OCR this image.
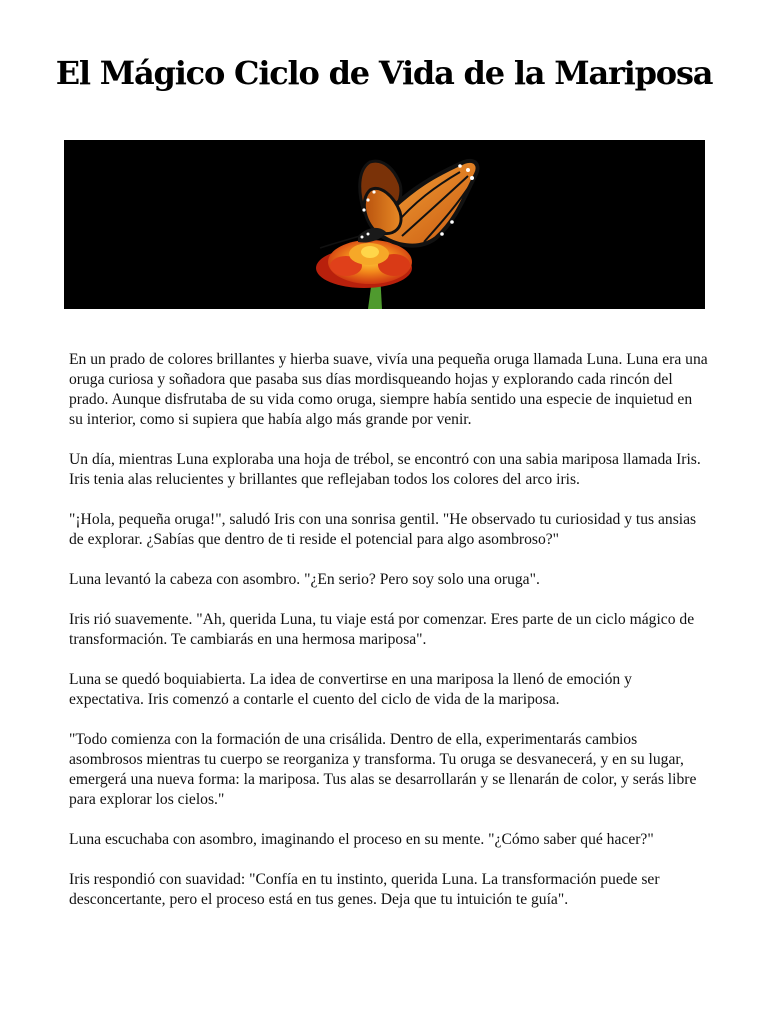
El Mágico Ciclo de Vida de la Mariposa

En un prado de colores brillantes y hierba suave, vivía una pequeña oruga llamada Luna. Luna era una oruga curiosa y soñadora que pasaba sus días mordisqueando hojas y explorando cada rincón del prado. Aunque disfrutaba de su vida como oruga, siempre había sentido una especie de inquietud en su interior, como si supiera que había algo más grande por venir.

Un día, mientras Luna exploraba una hoja de trébol, se encontró con una sabia mariposa llamada Iris. Iris tenia alas relucientes y brillantes que reflejaban todos los colores del arco iris.

"¡Hola, pequeña oruga!", saludó Iris con una sonrisa gentil. "He observado tu curiosidad y tus ansias de explorar. ¿Sabías que dentro de ti reside el potencial para algo asombroso?"

Luna levantó la cabeza con asombro. "¿En serio? Pero soy solo una oruga".

Iris rió suavemente. "Ah, querida Luna, tu viaje está por comenzar. Eres parte de un ciclo mágico de transformación. Te cambiarás en una hermosa mariposa".

Luna se quedó boquiabierta. La idea de convertirse en una mariposa la llenó de emoción y expectativa. Iris comenzó a contarle el cuento del ciclo de vida de la mariposa.

"Todo comienza con la formación de una crisálida. Dentro de ella, experimentarás cambios asombrosos mientras tu cuerpo se reorganiza y transforma. Tu oruga se desvanecerá, y en su lugar, emergerá una nueva forma: la mariposa. Tus alas se desarrollarán y se llenarán de color, y serás libre para explorar los cielos."

Luna escuchaba con asombro, imaginando el proceso en su mente. "¿Cómo saber qué hacer?"

Iris respondió con suavidad: "Confía en tu instinto, querida Luna. La transformación puede ser desconcertante, pero el proceso está en tus genes. Deja que tu intuición te guía".
